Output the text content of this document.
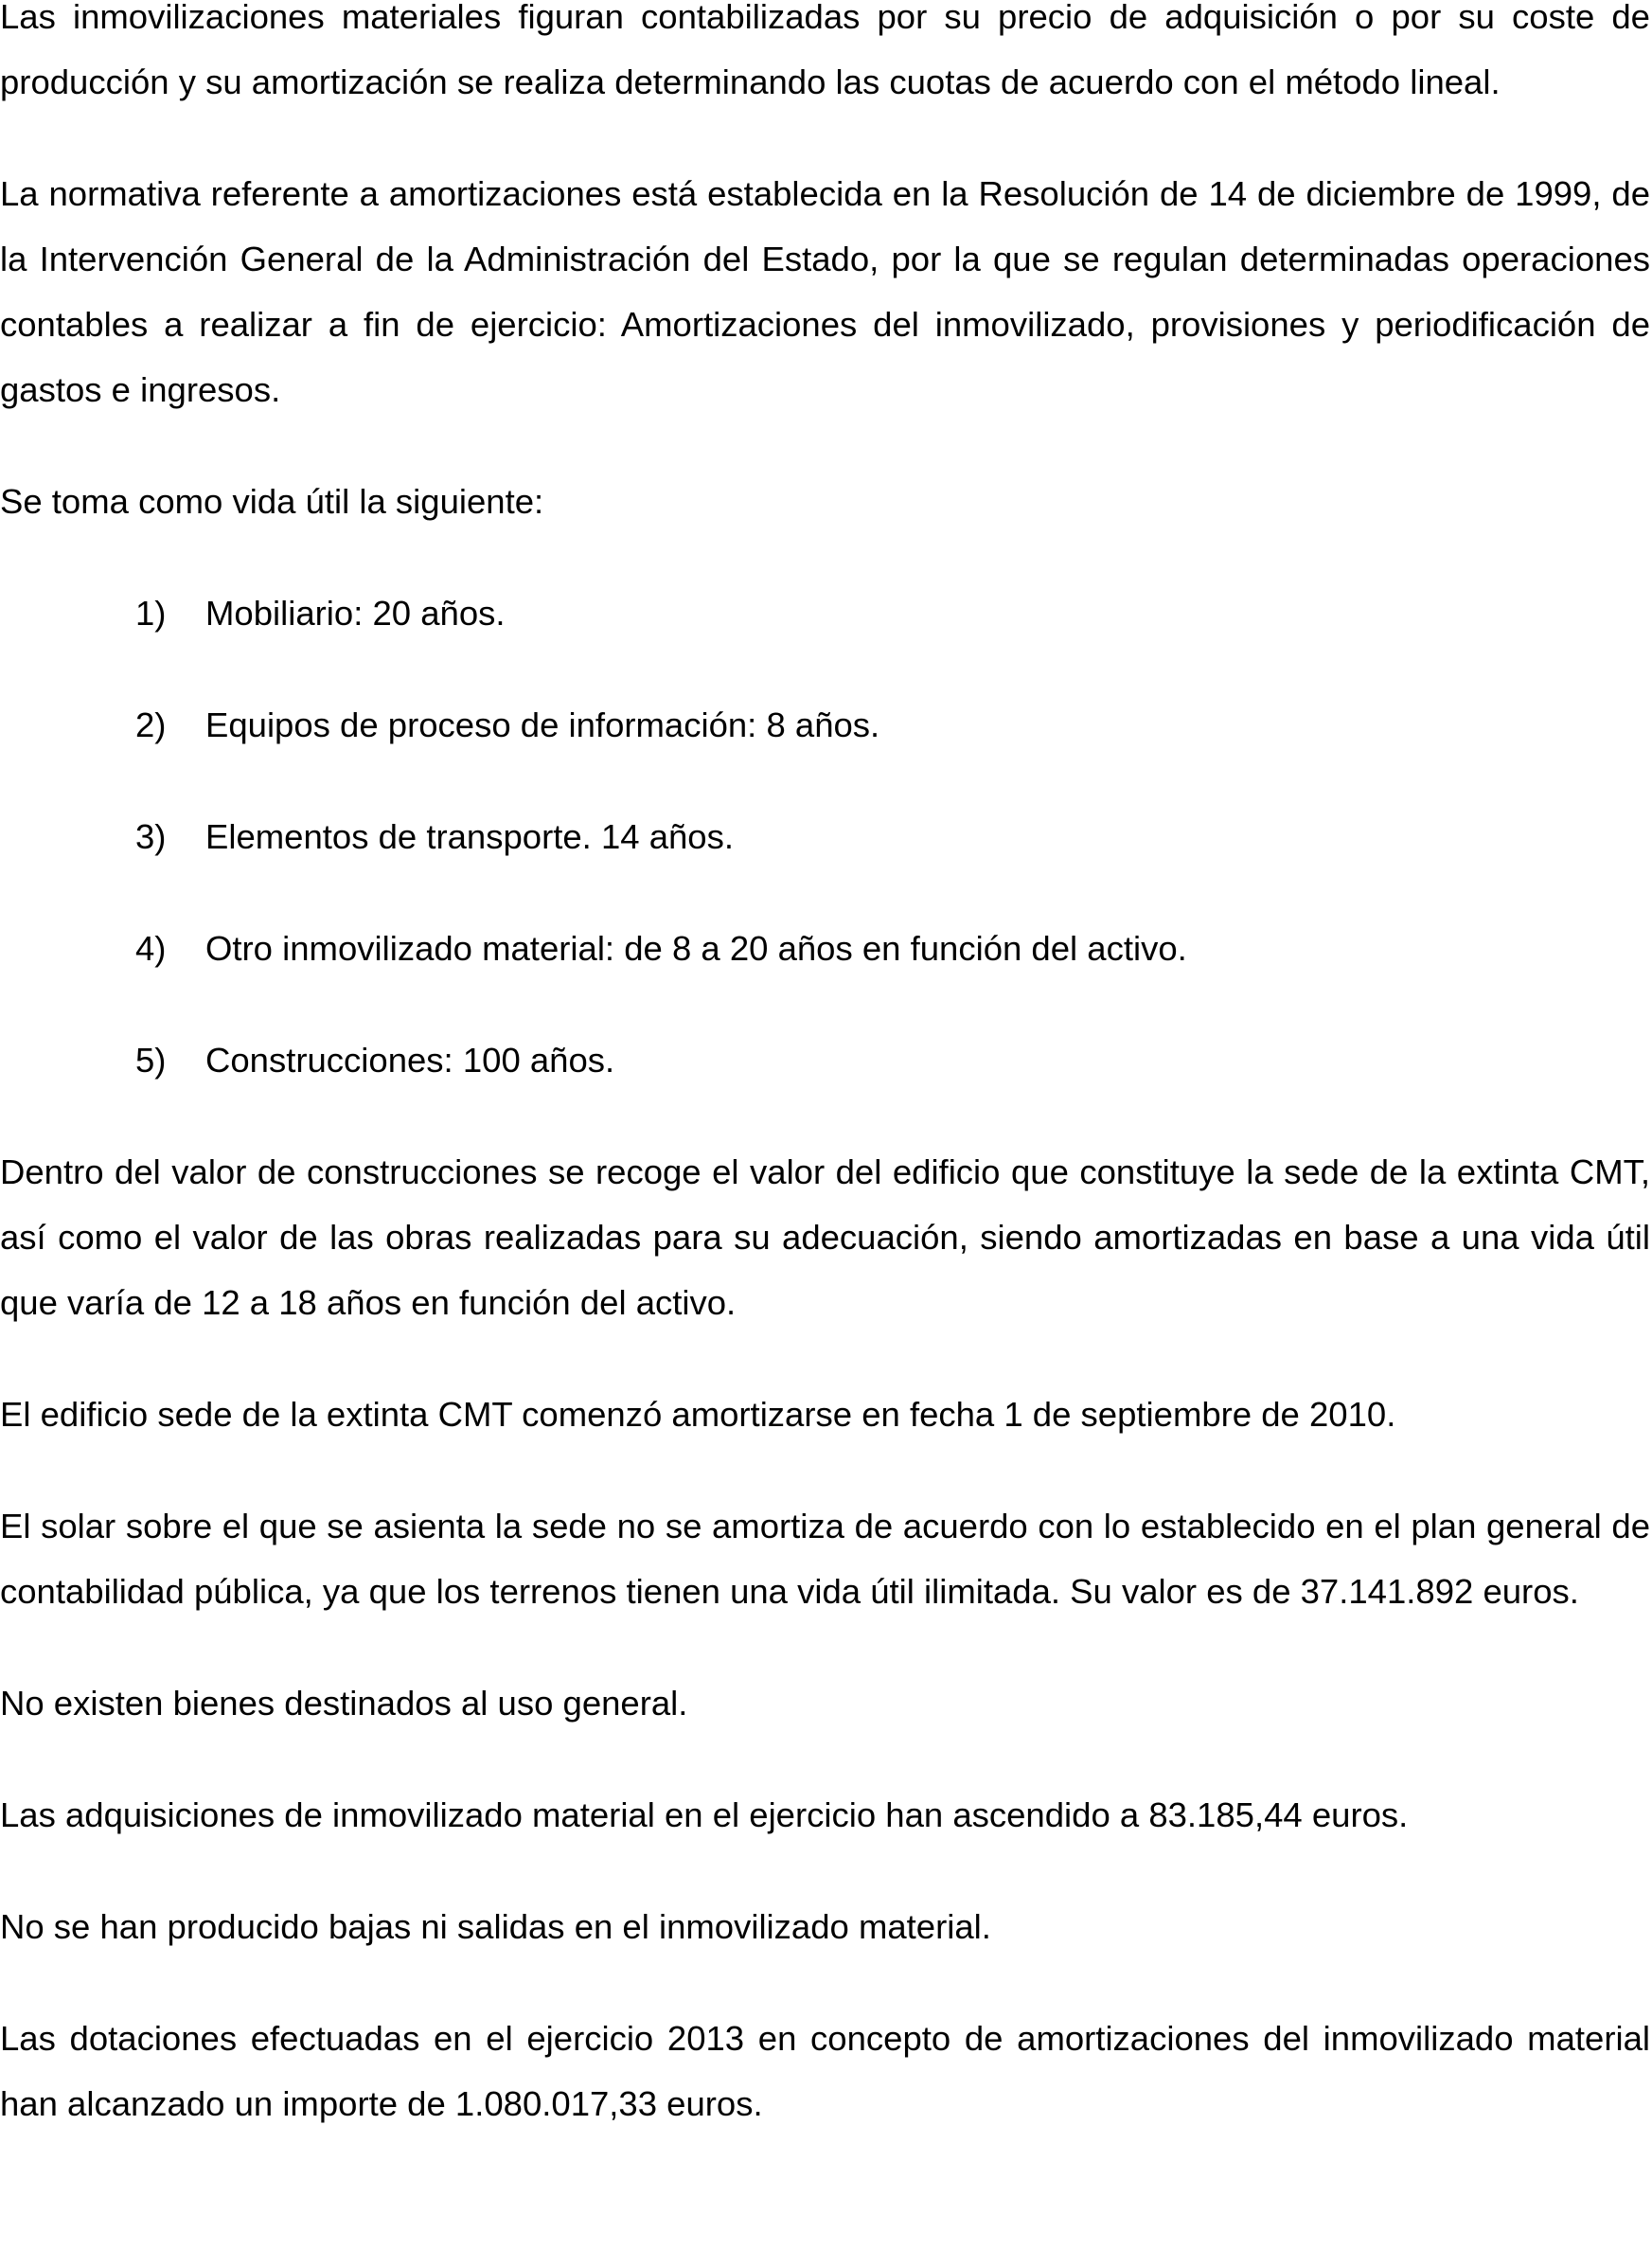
Las inmovilizaciones materiales figuran contabilizadas por su precio de adquisición o por su coste de producción y su amortización se realiza determinando las cuotas de acuerdo con el método lineal.

La normativa referente a amortizaciones está establecida en la Resolución de 14 de diciembre de 1999, de la Intervención General de la Administración del Estado, por la que se regulan determinadas operaciones contables a realizar a fin de ejercicio: Amortizaciones del inmovilizado, provisiones y periodificación de gastos e ingresos.

Se toma como vida útil la siguiente:

1) Mobiliario: 20 años.
2) Equipos de proceso de información: 8 años.
3) Elementos de transporte. 14 años.
4) Otro inmovilizado material: de 8 a 20 años en función del activo.
5) Construcciones: 100 años.

Dentro del valor de construcciones se recoge el valor del edificio que constituye la sede de la extinta CMT, así como el valor de las obras realizadas para su adecuación, siendo amortizadas en base a una vida útil que varía de 12 a 18 años en función del activo.

El edificio sede de la extinta CMT comenzó amortizarse en fecha 1 de septiembre de 2010.

El solar sobre el que se asienta la sede no se amortiza de acuerdo con lo establecido en el plan general de contabilidad pública, ya que los terrenos tienen una vida útil ilimitada. Su valor es de 37.141.892 euros.

No existen bienes destinados al uso general.

Las adquisiciones de inmovilizado material en el ejercicio han ascendido a 83.185,44 euros.

No se han producido bajas ni salidas en el inmovilizado material.

Las dotaciones efectuadas en el ejercicio 2013 en concepto de amortizaciones del inmovilizado material han alcanzado un importe de 1.080.017,33 euros.
